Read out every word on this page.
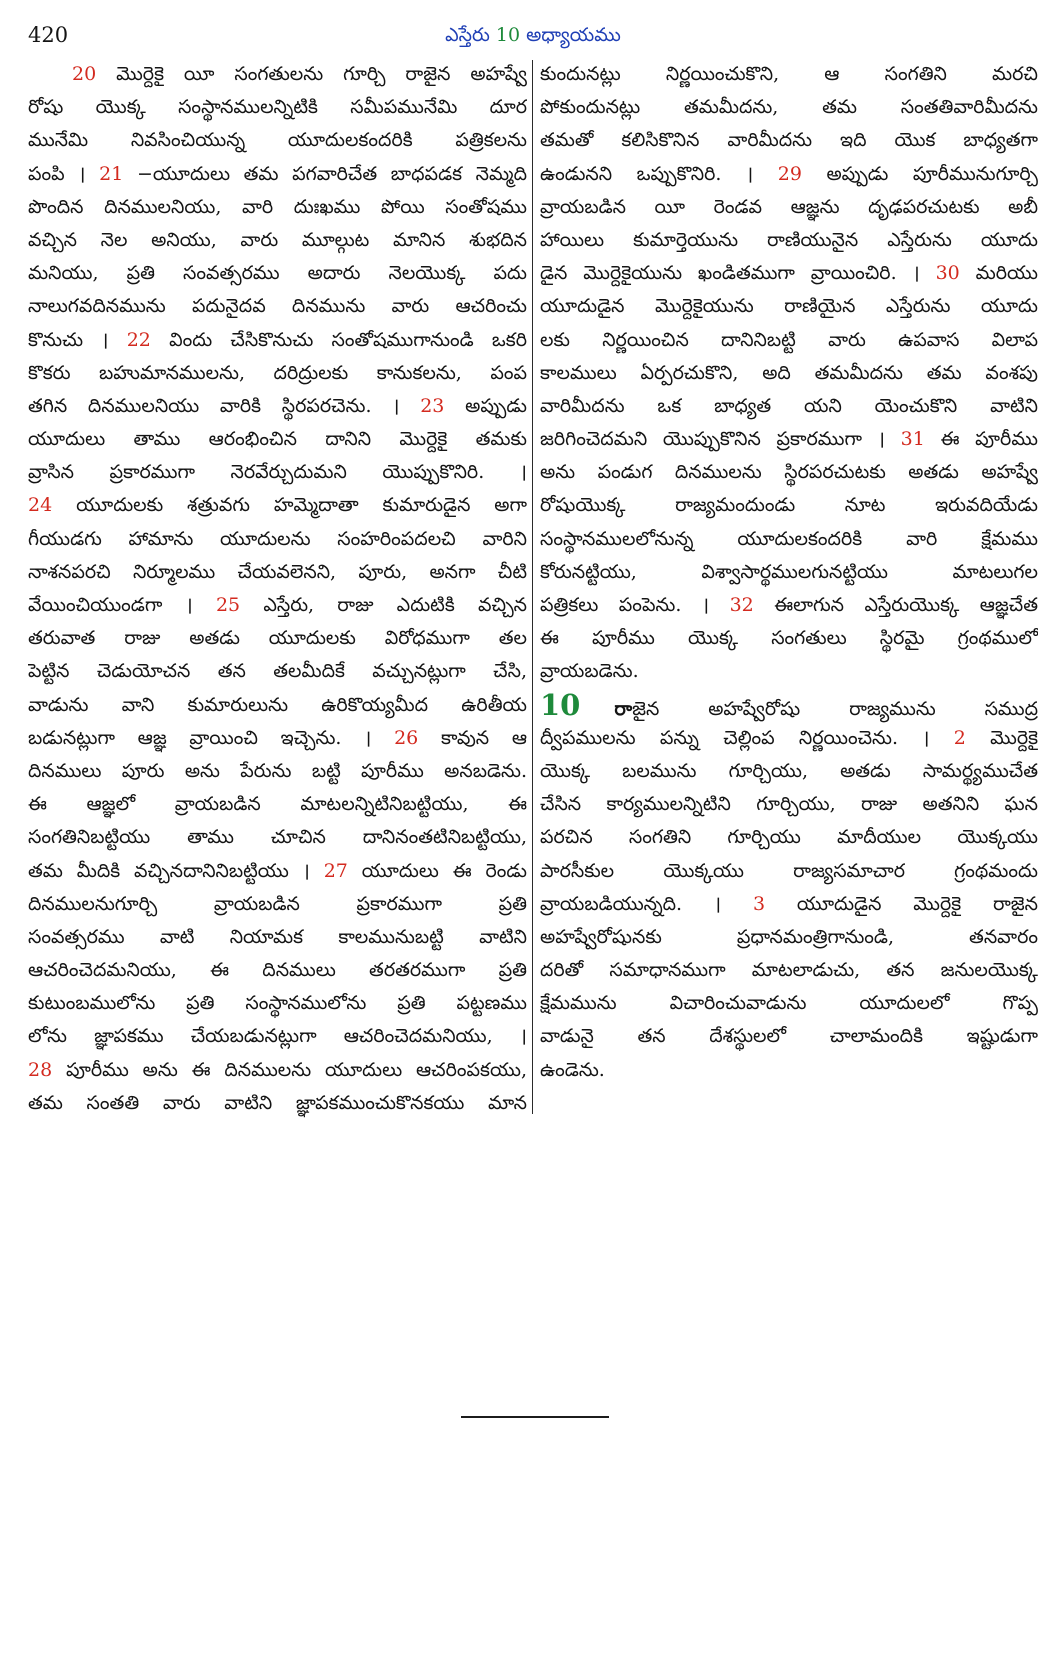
420	ఎస్తేరు 10 అధ్యాయము
20 మొర్దెకై యీ సంగతులను గూర్చి రాజైన అహష్వే
రోషు యొక్క సంస్థానములన్నిటికి సమీపమునేమి దూర
మునేమి నివసించియున్న యూదులకందరికి పత్రికలను
పంపి । 21 −యూదులు తమ పగవారిచేత బాధపడక నెమ్మది
పొందిన దినములనియు, వారి దుఃఖము పోయి సంతోషము
వచ్చిన నెల అనియు, వారు మూల్గుట మానిన శుభదిన
మనియు, ప్రతి సంవత్సరము అదారు నెలయొక్క పదు
నాలుగవదినమును పదునైదవ దినమును వారు ఆచరించు
కొనుచు । 22 విందు చేసికొనుచు సంతోషముగానుండి ఒకరి
కొకరు బహుమానములను, దరిద్రులకు కానుకలను, పంప
తగిన దినములనియు వారికి స్థిరపరచెను. । 23 అప్పుడు
యూదులు తాము ఆరంభించిన దానిని మొర్దెకై తమకు
వ్రాసిన ప్రకారముగా నెరవేర్చుదుమని యొప్పుకొనిరి. ।
24 యూదులకు శత్రువగు హమ్మెదాతా కుమారుడైన అగా
గీయుడగు హామాను యూదులను సంహరింపదలచి వారిని
నాశనపరచి నిర్మూలము చేయవలెనని, పూరు, అనగా చీటి
వేయించియుండగా । 25 ఎస్తేరు, రాజు ఎదుటికి వచ్చిన
తరువాత రాజు అతడు యూదులకు విరోధముగా తల
పెట్టిన చెడుయోచన తన తలమీదికే వచ్చునట్లుగా చేసి,
వాడును వాని కుమారులును ఉరికొయ్యమీద ఉరితీయ
బడునట్లుగా ఆజ్ఞ వ్రాయించి ఇచ్చెను. । 26 కావున ఆ
దినములు పూరు అను పేరును బట్టి పూరీము అనబడెను.
ఈ ఆజ్ఞలో వ్రాయబడిన మాటలన్నిటినిబట్టియు, ఈ
సంగతినిబట్టియు తాము చూచిన దానినంతటినిబట్టియు,
తమ మీదికి వచ్చినదానినిబట్టియు । 27 యూదులు ఈ రెండు
దినములనుగూర్చి వ్రాయబడిన ప్రకారముగా ప్రతి
సంవత్సరము వాటి నియామక కాలమునుబట్టి వాటిని
ఆచరించెదమనియు, ఈ దినములు తరతరముగా ప్రతి
కుటుంబములోను ప్రతి సంస్థానములోను ప్రతి పట్టణము
లోను జ్ఞాపకము చేయబడునట్లుగా ఆచరించెదమనియు, ।
28 పూరీము అను ఈ దినములను యూదులు ఆచరింపకయు,
తమ సంతతి వారు వాటిని జ్ఞాపకముంచుకొనకయు మాన
కుందునట్లు నిర్ణయించుకొని, ఆ సంగతిని మరచి
పోకుందునట్లు తమమీదను, తమ సంతతివారిమీదను
తమతో కలిసికొనిన వారిమీదను ఇది యొక బాధ్యతగా
ఉండునని ఒప్పుకొనిరి. । 29 అప్పుడు పూరీమునుగూర్చి
వ్రాయబడిన యీ రెండవ ఆజ్ఞను దృఢపరచుటకు అబీ
హాయిలు కుమార్తెయును రాణియునైన ఎస్తేరును యూదు
డైన మొర్దెకైయును ఖండితముగా వ్రాయించిరి. । 30 మరియు
యూదుడైన మొర్దెకైయును రాణియైన ఎస్తేరును యూదు
లకు నిర్ణయించిన దానినిబట్టి వారు ఉపవాస విలాప
కాలములు ఏర్పరచుకొని, అది తమమీదను తమ వంశపు
వారిమీదను ఒక బాధ్యత యని యెంచుకొని వాటిని
జరిగించెదమని యొప్పుకొనిన ప్రకారముగా । 31 ఈ పూరీము
అను పండుగ దినములను స్థిరపరచుటకు అతడు అహష్వే
రోషుయొక్క రాజ్యమందుండు నూట ఇరువదియేడు
సంస్థానములలోనున్న యూదులకందరికి వారి క్షేమము
కోరునట్టియు, విశ్వాసార్థములగునట్టియు మాటలుగల
పత్రికలు పంపెను. । 32 ఈలాగున ఎస్తేరుయొక్క ఆజ్ఞచేత
ఈ పూరీము యొక్క సంగతులు స్థిరమై గ్రంథములో
వ్రాయబడెను.
10 రాజైన అహష్వేరోషు రాజ్యమును సముద్ర
ద్వీపములను పన్ను చెల్లింప నిర్ణయించెను. । 2 మొర్దెకై
యొక్క బలమును గూర్చియు, అతడు సామర్థ్యముచేత
చేసిన కార్యములన్నిటిని గూర్చియు, రాజు అతనిని ఘన
పరచిన సంగతిని గూర్చియు మాదీయుల యొక్కయు
పారసీకుల యొక్కయు రాజ్యసమాచార గ్రంథమందు
వ్రాయబడియున్నది. । 3 యూదుడైన మొర్దెకై రాజైన
అహష్వేరోషునకు ప్రధానమంత్రిగానుండి, తనవారం
దరితో సమాధానముగా మాటలాడుచు, తన జనులయొక్క
క్షేమమును విచారించువాడును యూదులలో గొప్ప
వాడునై తన దేశస్థులలో చాలామందికి ఇష్టుడుగా
ఉండెను.
